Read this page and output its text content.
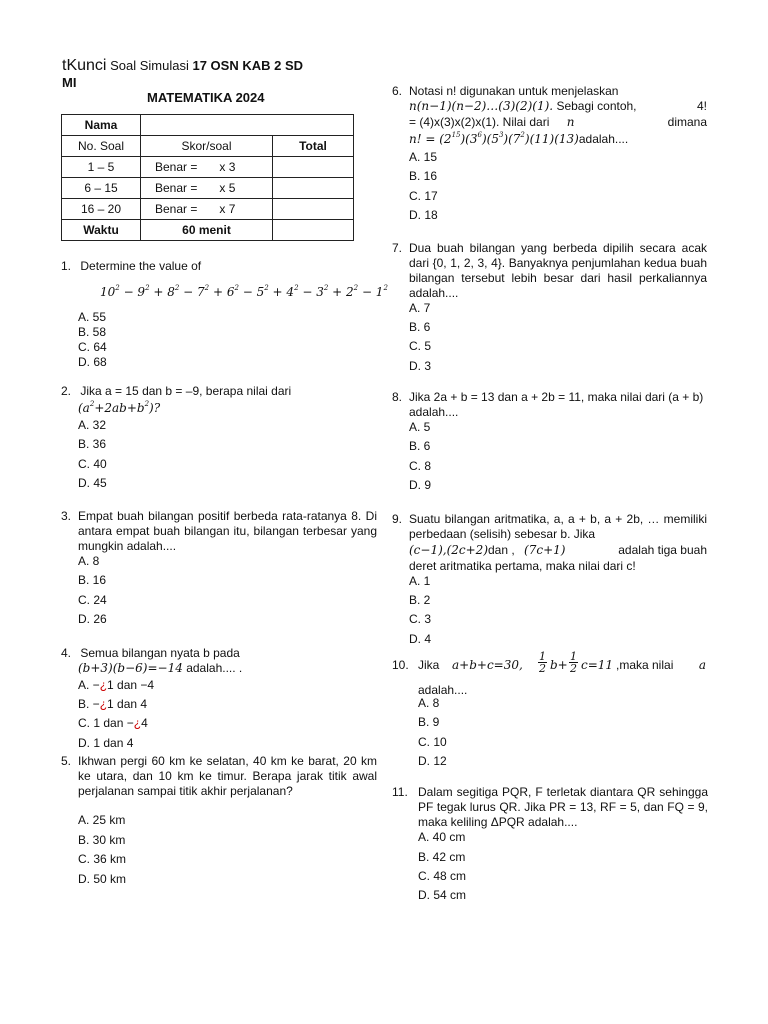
tKunci Soal Simulasi 17 OSN KAB 2 SD
MI
MATEMATIKA 2024
Nama		
No. Soal	Skor/soal	Total
1 – 5	Benar = x 3	
6 – 15	Benar = x 5	
16 – 20	Benar = x 7	
Waktu	60 menit	
1. Determine the value of
$10^2 - 9^2 + 8^2 - 7^2 + 6^2 - 5^2 + 4^2 - 3^2 + 2^2 - 1^2$
A. 55
B. 58
C. 64
D. 68
2. Jika a = 15 dan b = –9, berapa nilai dari
$(a^2+2ab+b^2)$?
A. 32
B. 36
C. 40
D. 45
3. Empat buah bilangan positif berbeda rata-ratanya 8. Di antara empat buah bilangan itu, bilangan terbesar yang mungkin adalah....
A. 8
B. 16
C. 24
D. 26
4. Semua bilangan nyata b pada
(b+3)(b−6)=−14 adalah.... .
A. −¿1 dan −4
B. −¿1 dan 4
C. 1 dan −¿4
D. 1 dan 4
5. Ikhwan pergi 60 km ke selatan, 40 km ke barat, 20 km ke utara, dan 10 km ke timur. Berapa jarak titik awal perjalanan sampai titik akhir perjalanan?
A. 25 km
B. 30 km
C. 36 km
D. 50 km
6. Notasi n! digunakan untuk menjelaskan
n(n−1)(n−2)…(3)(2)(1). Sebagi contoh,	4!
= (4)x(3)x(2)x(1). Nilai dari n	dimana
n! = $(2^{15})(3^6)(5^3)(7^2)(11)(13)adalah$....
A. 15
B. 16
C. 17
D. 18
7. Dua buah bilangan yang berbeda dipilih secara acak dari {0, 1, 2, 3, 4}. Banyaknya penjumlahan kedua buah bilangan tersebut lebih besar dari hasil perkaliannya adalah....
A. 7
B. 6
C. 5
D. 3
8. Jika 2a + b = 13 dan a + 2b = 11, maka nilai dari (a + b) adalah....
A. 5
B. 6
C. 8
D. 9
9. Suatu bilangan aritmatika, a, a + b, a + 2b, … memiliki perbedaan (selisih) sebesar b. Jika
(c−1),(2c+2)dan , (7c+1)	adalah tiga buah
deret aritmatika pertama, maka nilai dari c!
A. 1
B. 2
C. 3
D. 4
10. Jika a+b+c=30,
1

2 b+
1

2 c=11 ,maka nilai a
adalah....
A. 8
B. 9
C. 10
D. 12
11. Dalam segitiga PQR, F terletak diantara QR sehingga PF tegak lurus QR. Jika PR = 13, RF = 5, dan FQ = 9, maka keliling ΔPQR adalah....
A. 40 cm
B. 42 cm
C. 48 cm
D. 54 cm
